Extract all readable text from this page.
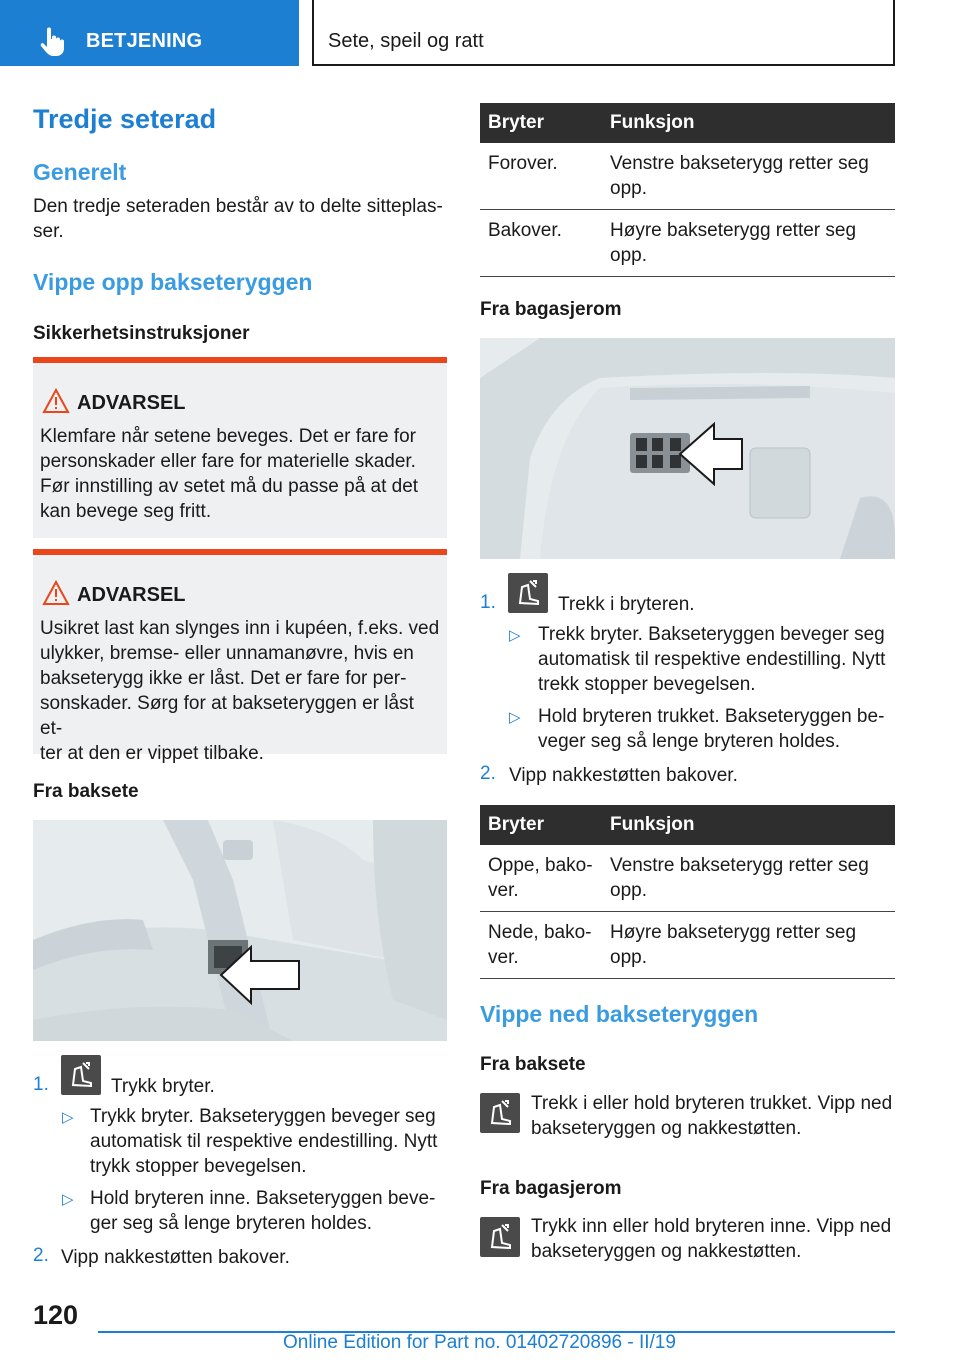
BETJENING	Sete, speil og ratt
Tredje seterad
Generelt
Den tredje seteraden består av to delte sitteplas-
ser.
Vippe opp bakseteryggen
Sikkerhetsinstruksjoner
ADVARSEL
Klemfare når setene beveges. Det er fare for
personskader eller fare for materielle skader.
Før innstilling av setet må du passe på at det
kan bevege seg fritt.
ADVARSEL
Usikret last kan slynges inn i kupéen, f.eks. ved
ulykker, bremse- eller unnamanøvre, hvis en
bakseterygg ikke er låst. Det er fare for per-
sonskader. Sørg for at bakseteryggen er låst et-
ter at den er vippet tilbake.
Fra baksete
1.	Trykk bryter.
▷ Trykk bryter. Bakseteryggen beveger seg
automatisk til respektive endestilling. Nytt
trykk stopper bevegelsen.
▷ Hold bryteren inne. Bakseteryggen beve-
ger seg så lenge bryteren holdes.
2. Vipp nakkestøtten bakover.
Bryter	Funksjon
Forover.	Venstre bakseterygg retter seg opp.
Bakover.	Høyre bakseterygg retter seg opp.
Fra bagasjerom
1.	Trekk i bryteren.
▷ Trekk bryter. Bakseteryggen beveger seg
automatisk til respektive endestilling. Nytt
trekk stopper bevegelsen.
▷ Hold bryteren trukket. Bakseteryggen be-
veger seg så lenge bryteren holdes.
2. Vipp nakkestøtten bakover.
Bryter	Funksjon
Oppe, bako-ver.	Venstre bakseterygg retter seg opp.
Nede, bako-ver.	Høyre bakseterygg retter seg opp.
Vippe ned bakseteryggen
Fra baksete
Trekk i eller hold bryteren trukket. Vipp ned
bakseteryggen og nakkestøtten.
Fra bagasjerom
Trykk inn eller hold bryteren inne. Vipp ned
bakseteryggen og nakkestøtten.
120
Online Edition for Part no. 01402720896 - II/19
